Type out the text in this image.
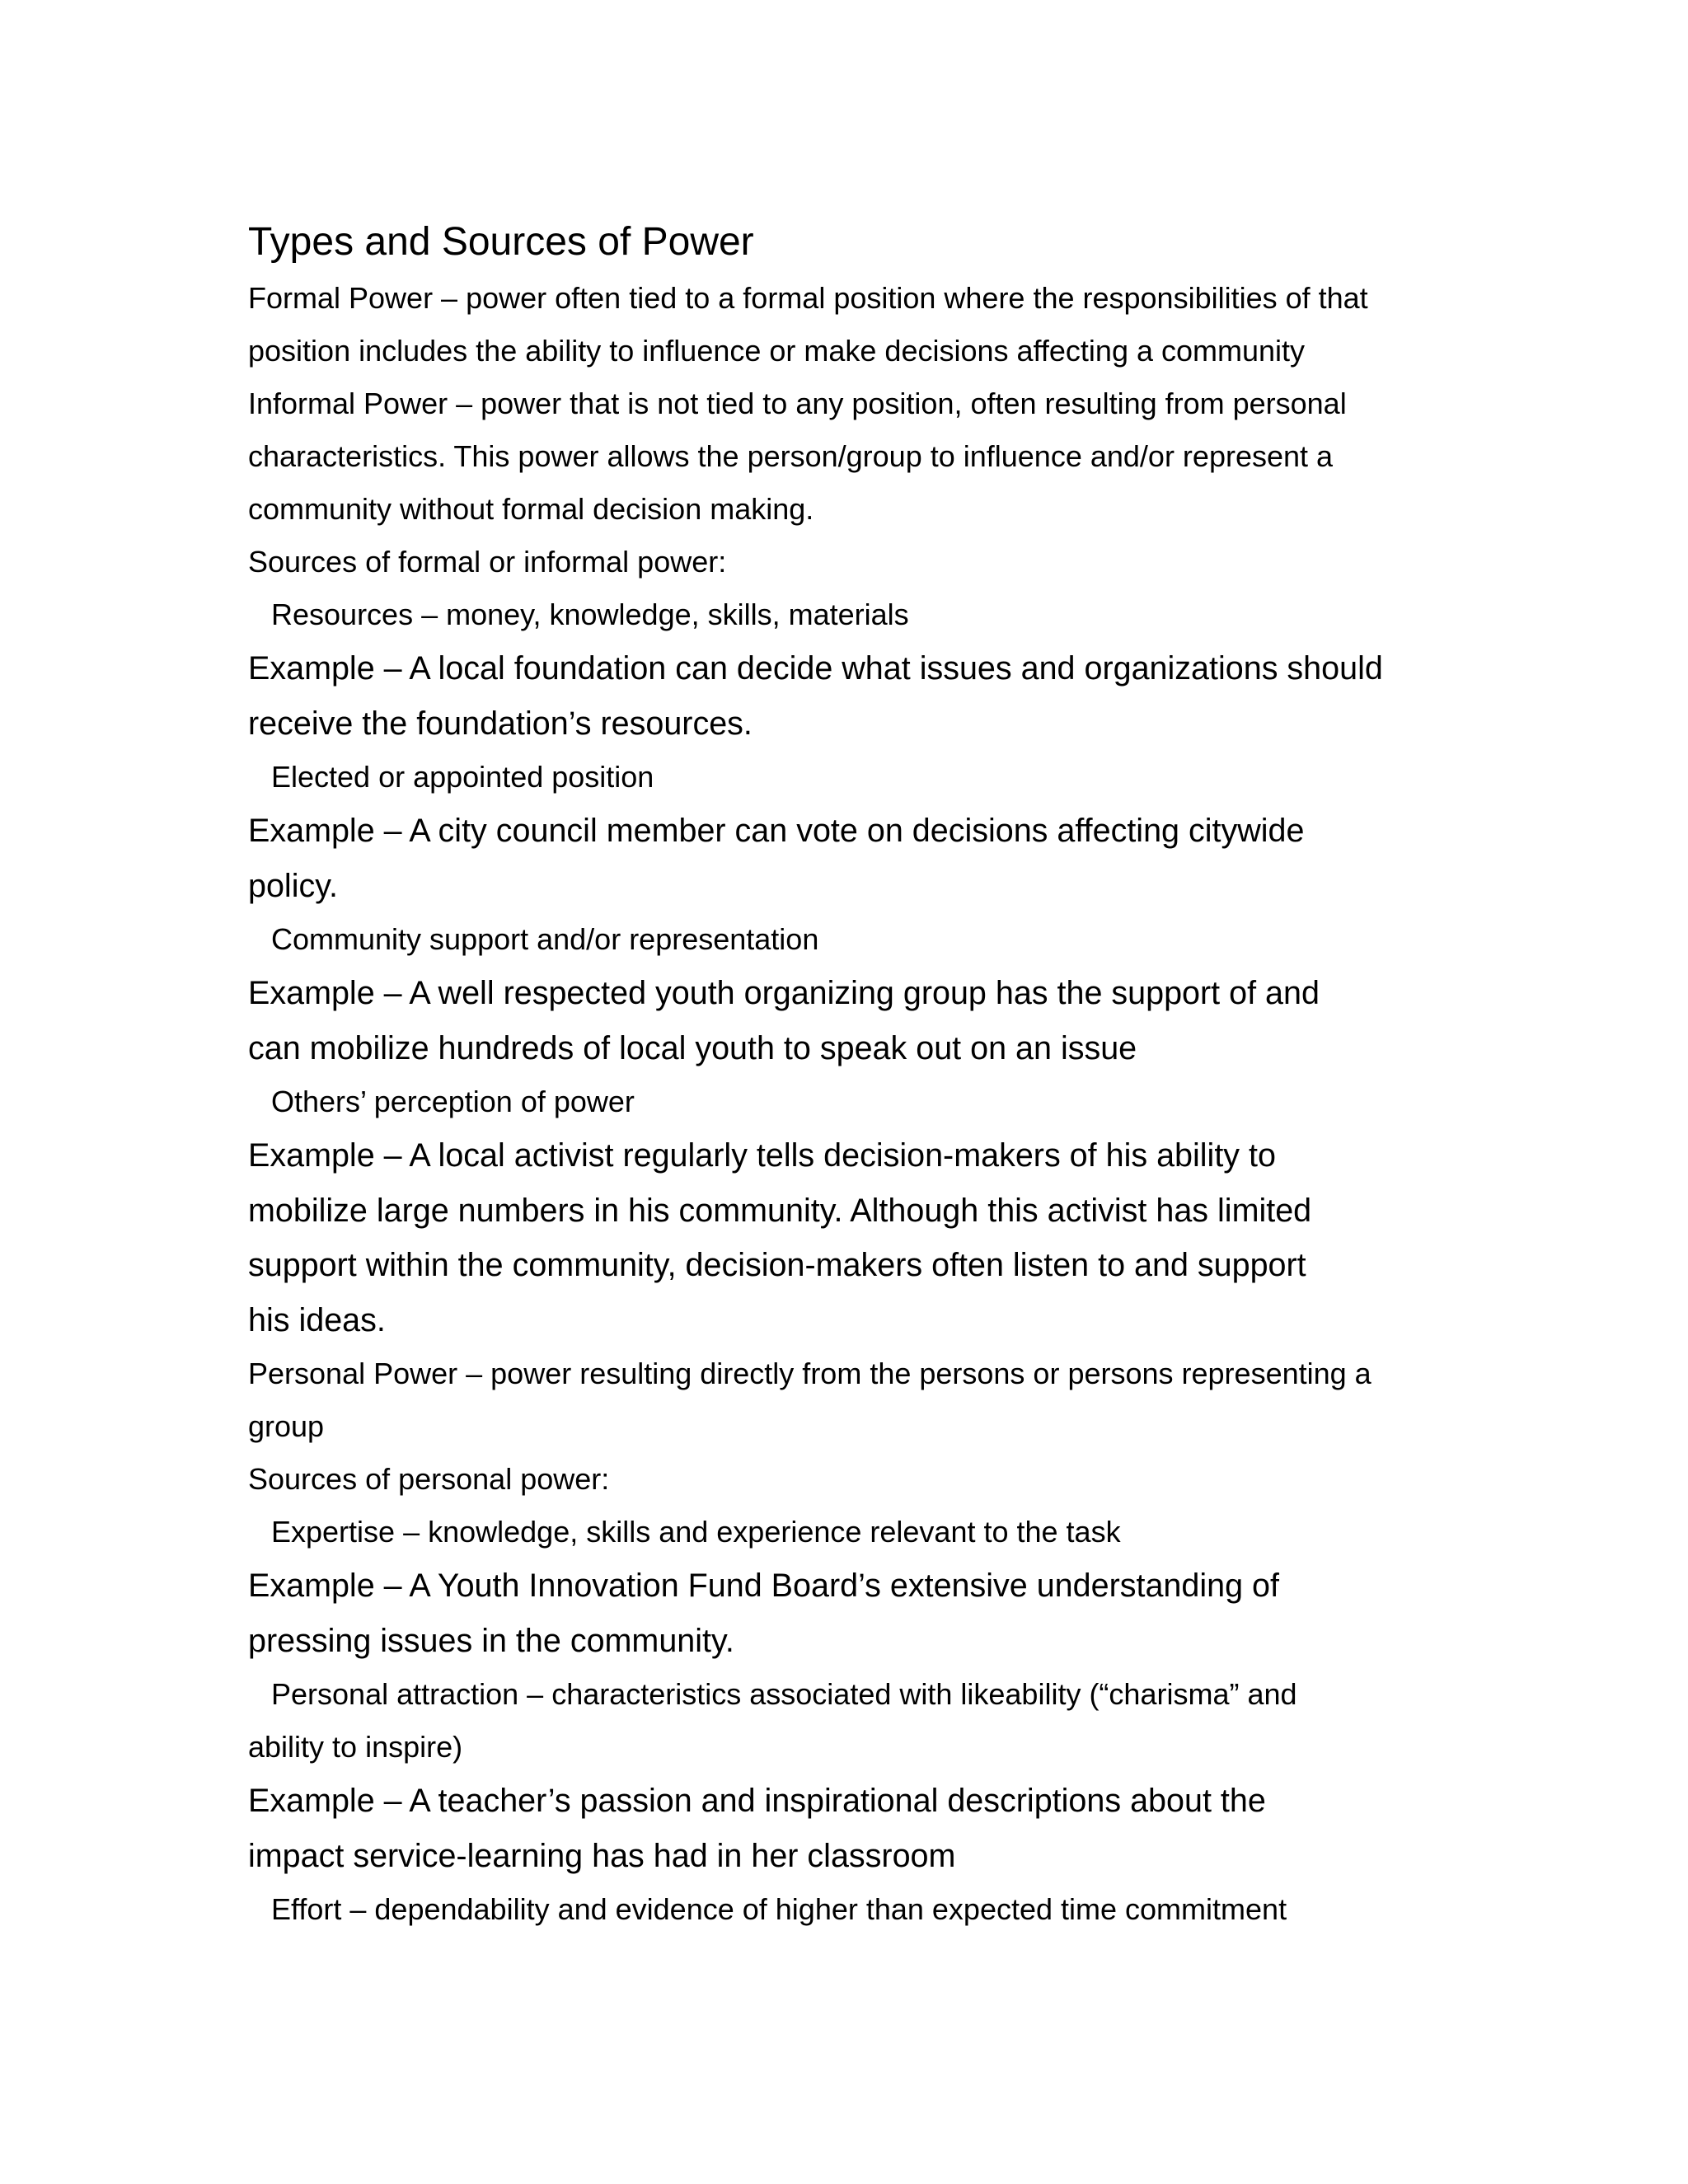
Types and Sources of Power
Formal Power – power often tied to a formal position where the responsibilities of that
position includes the ability to influence or make decisions affecting a community
Informal Power – power that is not tied to any position, often resulting from personal
characteristics. This power allows the person/group to influence and/or represent a
community without formal decision making.
Sources of formal or informal power:
Resources – money, knowledge, skills, materials
Example – A local foundation can decide what issues and organizations should
receive the foundation’s resources.
Elected or appointed position
Example – A city council member can vote on decisions affecting citywide
policy.
Community support and/or representation
Example – A well respected youth organizing group has the support of and
can mobilize hundreds of local youth to speak out on an issue
Others’ perception of power
Example – A local activist regularly tells decision-makers of his ability to
mobilize large numbers in his community. Although this activist has limited
support within the community, decision-makers often listen to and support
his ideas.
Personal Power – power resulting directly from the persons or persons representing a
group
Sources of personal power:
Expertise – knowledge, skills and experience relevant to the task
Example – A Youth Innovation Fund Board’s extensive understanding of
pressing issues in the community.
Personal attraction – characteristics associated with likeability (“charisma” and
ability to inspire)
Example – A teacher’s passion and inspirational descriptions about the
impact service-learning has had in her classroom
Effort – dependability and evidence of higher than expected time commitment
